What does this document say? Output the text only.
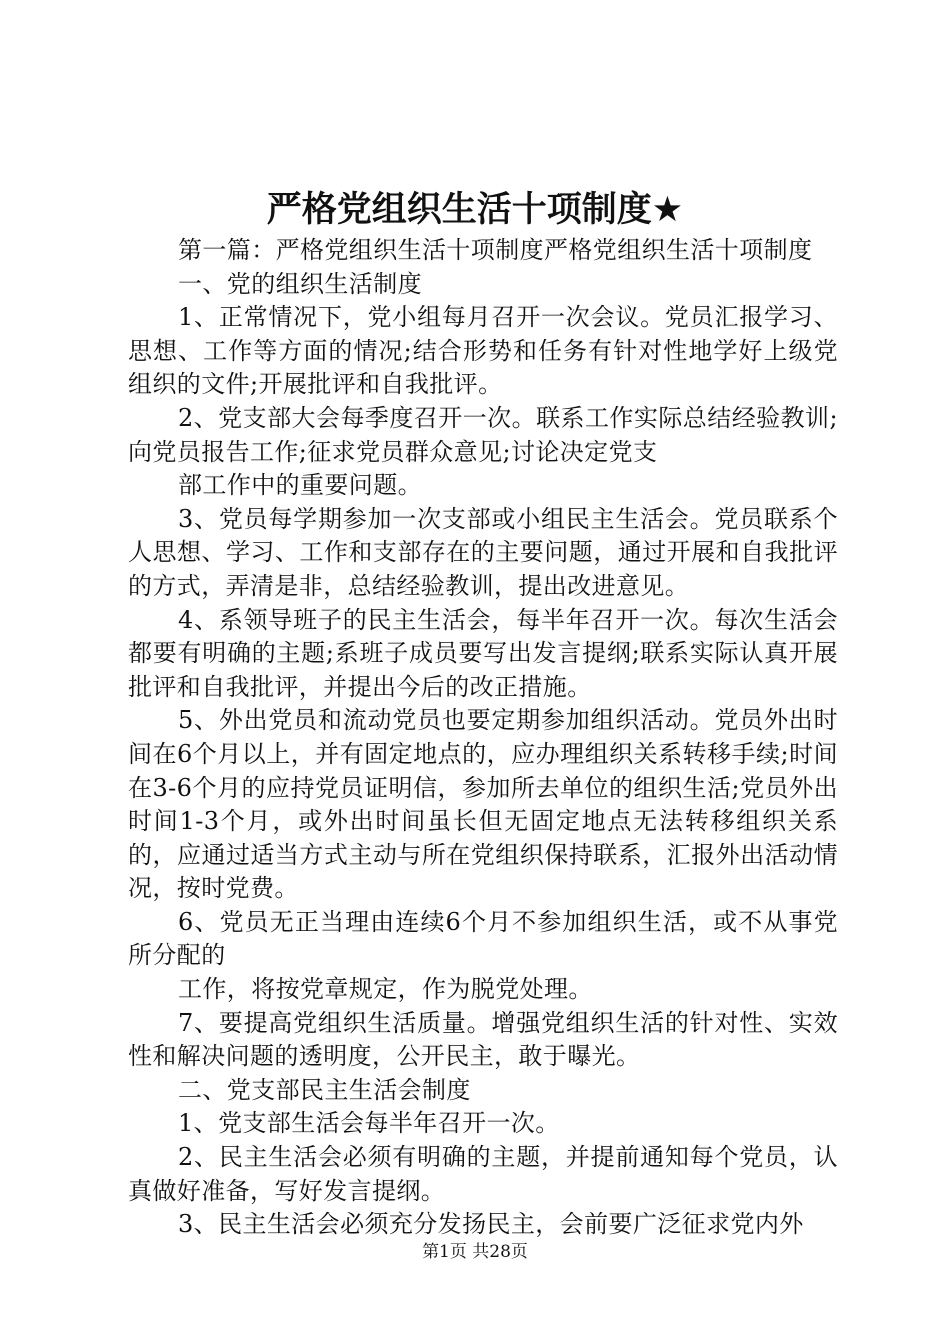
严格党组织生活十项制度★

第一篇：严格党组织生活十项制度严格党组织生活十项制度

一、党的组织生活制度

1、正常情况下，党小组每月召开一次会议。党员汇报学习、思想、工作等方面的情况;结合形势和任务有针对性地学好上级党组织的文件;开展批评和自我批评。

2、党支部大会每季度召开一次。联系工作实际总结经验教训;向党员报告工作;征求党员群众意见;讨论决定党支

部工作中的重要问题。

3、党员每学期参加一次支部或小组民主生活会。党员联系个人思想、学习、工作和支部存在的主要问题，通过开展和自我批评的方式，弄清是非，总结经验教训，提出改进意见。

4、系领导班子的民主生活会，每半年召开一次。每次生活会都要有明确的主题;系班子成员要写出发言提纲;联系实际认真开展批评和自我批评，并提出今后的改正措施。

5、外出党员和流动党员也要定期参加组织活动。党员外出时间在6个月以上，并有固定地点的，应办理组织关系转移手续;时间在3-6个月的应持党员证明信，参加所去单位的组织生活;党员外出时间1-3个月，或外出时间虽长但无固定地点无法转移组织关系的，应通过适当方式主动与所在党组织保持联系，汇报外出活动情况，按时党费。

6、党员无正当理由连续6个月不参加组织生活，或不从事党所分配的

工作，将按党章规定，作为脱党处理。

7、要提高党组织生活质量。增强党组织生活的针对性、实效性和解决问题的透明度，公开民主，敢于曝光。

二、党支部民主生活会制度

1、党支部生活会每半年召开一次。

2、民主生活会必须有明确的主题，并提前通知每个党员，认真做好准备，写好发言提纲。

3、民主生活会必须充分发扬民主，会前要广泛征求党内外

第1页 共28页
